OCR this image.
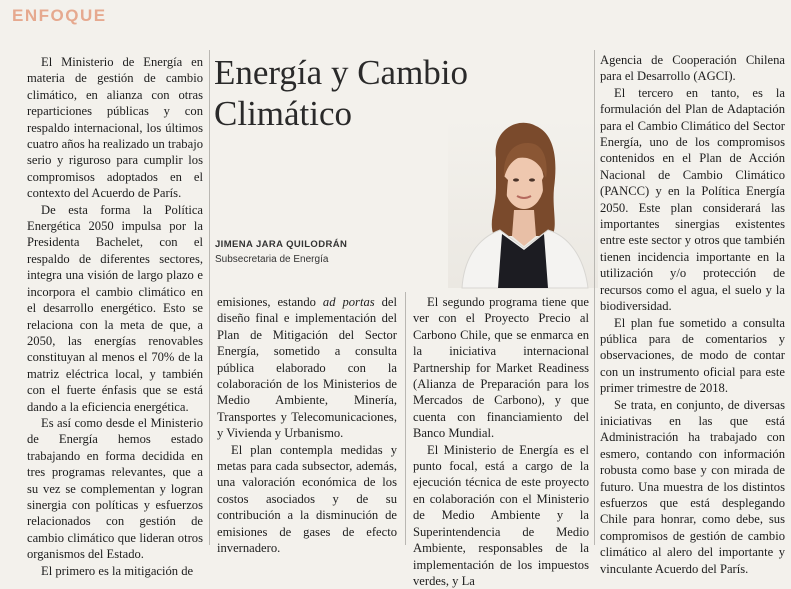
ENFOQUE

El Ministerio de Energía en materia de gestión de cambio climático, en alianza con otras reparticiones públicas y con respaldo internacional, los últimos cuatro años ha realizado un trabajo serio y riguroso para cumplir los compromisos adoptados en el contexto del Acuerdo de París.

De esta forma la Política Energética 2050 impulsa por la Presidenta Bachelet, con el respaldo de diferentes sectores, integra una visión de largo plazo e incorpora el cambio climático en el desarrollo energético. Esto se relaciona con la meta de que, a 2050, las energías renovables constituyan al menos el 70% de la matriz eléctrica local, y también con el fuerte énfasis que se está dando a la eficiencia energética.

Es así como desde el Ministerio de Energía hemos estado trabajando en forma decidida en tres programas relevantes, que a su vez se complementan y logran sinergia con políticas y esfuerzos relacionados con gestión de cambio climático que lideran otros organismos del Estado.

El primero es la mitigación de

Energía y Cambio Climático
JIMENA JARA QUILODRÁN
Subsecretaria de Energía

emisiones, estando ad portas del diseño final e implementación del Plan de Mitigación del Sector Energía, sometido a consulta pública elaborado con la colaboración de los Ministerios de Medio Ambiente, Minería, Transportes y Telecomunicaciones, y Vivienda y Urbanismo.

El plan contempla medidas y metas para cada subsector, además, una valoración económica de los costos asociados y de su contribución a la disminución de emisiones de gases de efecto invernadero.

El segundo programa tiene que ver con el Proyecto Precio al Carbono Chile, que se enmarca en la iniciativa internacional Partnership for Market Readiness (Alianza de Preparación para los Mercados de Carbono), y que cuenta con financiamiento del Banco Mundial.

El Ministerio de Energía es el punto focal, está a cargo de la ejecución técnica de este proyecto en colaboración con el Ministerio de Medio Ambiente y la Superintendencia de Medio Ambiente, responsables de la implementación de los impuestos verdes, y La

Agencia de Cooperación Chilena para el Desarrollo (AGCI).

El tercero en tanto, es la formulación del Plan de Adaptación para el Cambio Climático del Sector Energía, uno de los compromisos contenidos en el Plan de Acción Nacional de Cambio Climático (PANCC) y en la Política Energía 2050. Este plan considerará las importantes sinergias existentes entre este sector y otros que también tienen incidencia importante en la utilización y/o protección de recursos como el agua, el suelo y la biodiversidad.

El plan fue sometido a consulta pública para de comentarios y observaciones, de modo de contar con un instrumento oficial para este primer trimestre de 2018.

Se trata, en conjunto, de diversas iniciativas en las que está Administración ha trabajado con esmero, contando con información robusta como base y con mirada de futuro. Una muestra de los distintos esfuerzos que está desplegando Chile para honrar, como debe, sus compromisos de gestión de cambio climático al alero del importante y vinculante Acuerdo del París.
